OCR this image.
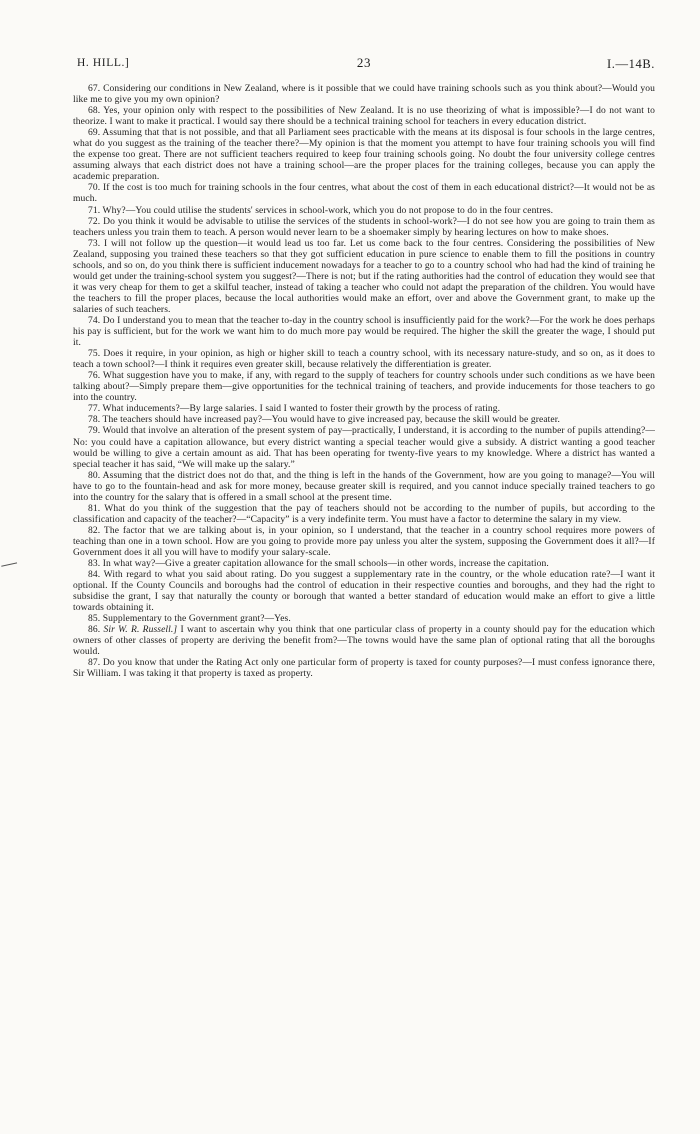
H. HILL.]	23	I.—14B.

67. Considering our conditions in New Zealand, where is it possible that we could have training schools such as you think about?—Would you like me to give you my own opinion?

68. Yes, your opinion only with respect to the possibilities of New Zealand. It is no use theorizing of what is impossible?—I do not want to theorize. I want to make it practical. I would say there should be a technical training school for teachers in every education district.

69. Assuming that that is not possible, and that all Parliament sees practicable with the means at its disposal is four schools in the large centres, what do you suggest as the training of the teacher there?—My opinion is that the moment you attempt to have four training schools you will find the expense too great. There are not sufficient teachers required to keep four training schools going. No doubt the four university college centres assuming always that each district does not have a training school—are the proper places for the training colleges, because you can apply the academic preparation.

70. If the cost is too much for training schools in the four centres, what about the cost of them in each educational district?—It would not be as much.

71. Why?—You could utilise the students' services in school-work, which you do not propose to do in the four centres.

72. Do you think it would be advisable to utilise the services of the students in school-work?—I do not see how you are going to train them as teachers unless you train them to teach. A person would never learn to be a shoemaker simply by hearing lectures on how to make shoes.

73. I will not follow up the question—it would lead us too far. Let us come back to the four centres. Considering the possibilities of New Zealand, supposing you trained these teachers so that they got sufficient education in pure science to enable them to fill the positions in country schools, and so on, do you think there is sufficient inducement nowadays for a teacher to go to a country school who had had the kind of training he would get under the training-school system you suggest?—There is not; but if the rating authorities had the control of education they would see that it was very cheap for them to get a skilful teacher, instead of taking a teacher who could not adapt the preparation of the children. You would have the teachers to fill the proper places, because the local authorities would make an effort, over and above the Government grant, to make up the salaries of such teachers.

74. Do I understand you to mean that the teacher to-day in the country school is insufficiently paid for the work?—For the work he does perhaps his pay is sufficient, but for the work we want him to do much more pay would be required. The higher the skill the greater the wage, I should put it.

75. Does it require, in your opinion, as high or higher skill to teach a country school, with its necessary nature-study, and so on, as it does to teach a town school?—I think it requires even greater skill, because relatively the differentiation is greater.

76. What suggestion have you to make, if any, with regard to the supply of teachers for country schools under such conditions as we have been talking about?—Simply prepare them—give opportunities for the technical training of teachers, and provide inducements for those teachers to go into the country.

77. What inducements?—By large salaries. I said I wanted to foster their growth by the process of rating.

78. The teachers should have increased pay?—You would have to give increased pay, because the skill would be greater.

79. Would that involve an alteration of the present system of pay—practically, I understand, it is according to the number of pupils attending?—No: you could have a capitation allowance, but every district wanting a special teacher would give a subsidy. A district wanting a good teacher would be willing to give a certain amount as aid. That has been operating for twenty-five years to my knowledge. Where a district has wanted a special teacher it has said, “We will make up the salary.”

80. Assuming that the district does not do that, and the thing is left in the hands of the Government, how are you going to manage?—You will have to go to the fountain-head and ask for more money, because greater skill is required, and you cannot induce specially trained teachers to go into the country for the salary that is offered in a small school at the present time.

81. What do you think of the suggestion that the pay of teachers should not be according to the number of pupils, but according to the classification and capacity of the teacher?—“Capacity” is a very indefinite term. You must have a factor to determine the salary in my view.

82. The factor that we are talking about is, in your opinion, so I understand, that the teacher in a country school requires more powers of teaching than one in a town school. How are you going to provide more pay unless you alter the system, supposing the Government does it all?—If Government does it all you will have to modify your salary-scale.

83. In what way?—Give a greater capitation allowance for the small schools—in other words, increase the capitation.

84. With regard to what you said about rating. Do you suggest a supplementary rate in the country, or the whole education rate?—I want it optional. If the County Councils and boroughs had the control of education in their respective counties and boroughs, and they had the right to subsidise the grant, I say that naturally the county or borough that wanted a better standard of education would make an effort to give a little towards obtaining it.

85. Supplementary to the Government grant?—Yes.

86. Sir W. R. Russell.] I want to ascertain why you think that one particular class of property in a county should pay for the education which owners of other classes of property are deriving the benefit from?—The towns would have the same plan of optional rating that all the boroughs would.

87. Do you know that under the Rating Act only one particular form of property is taxed for county purposes?—I must confess ignorance there, Sir William. I was taking it that property is taxed as property.
